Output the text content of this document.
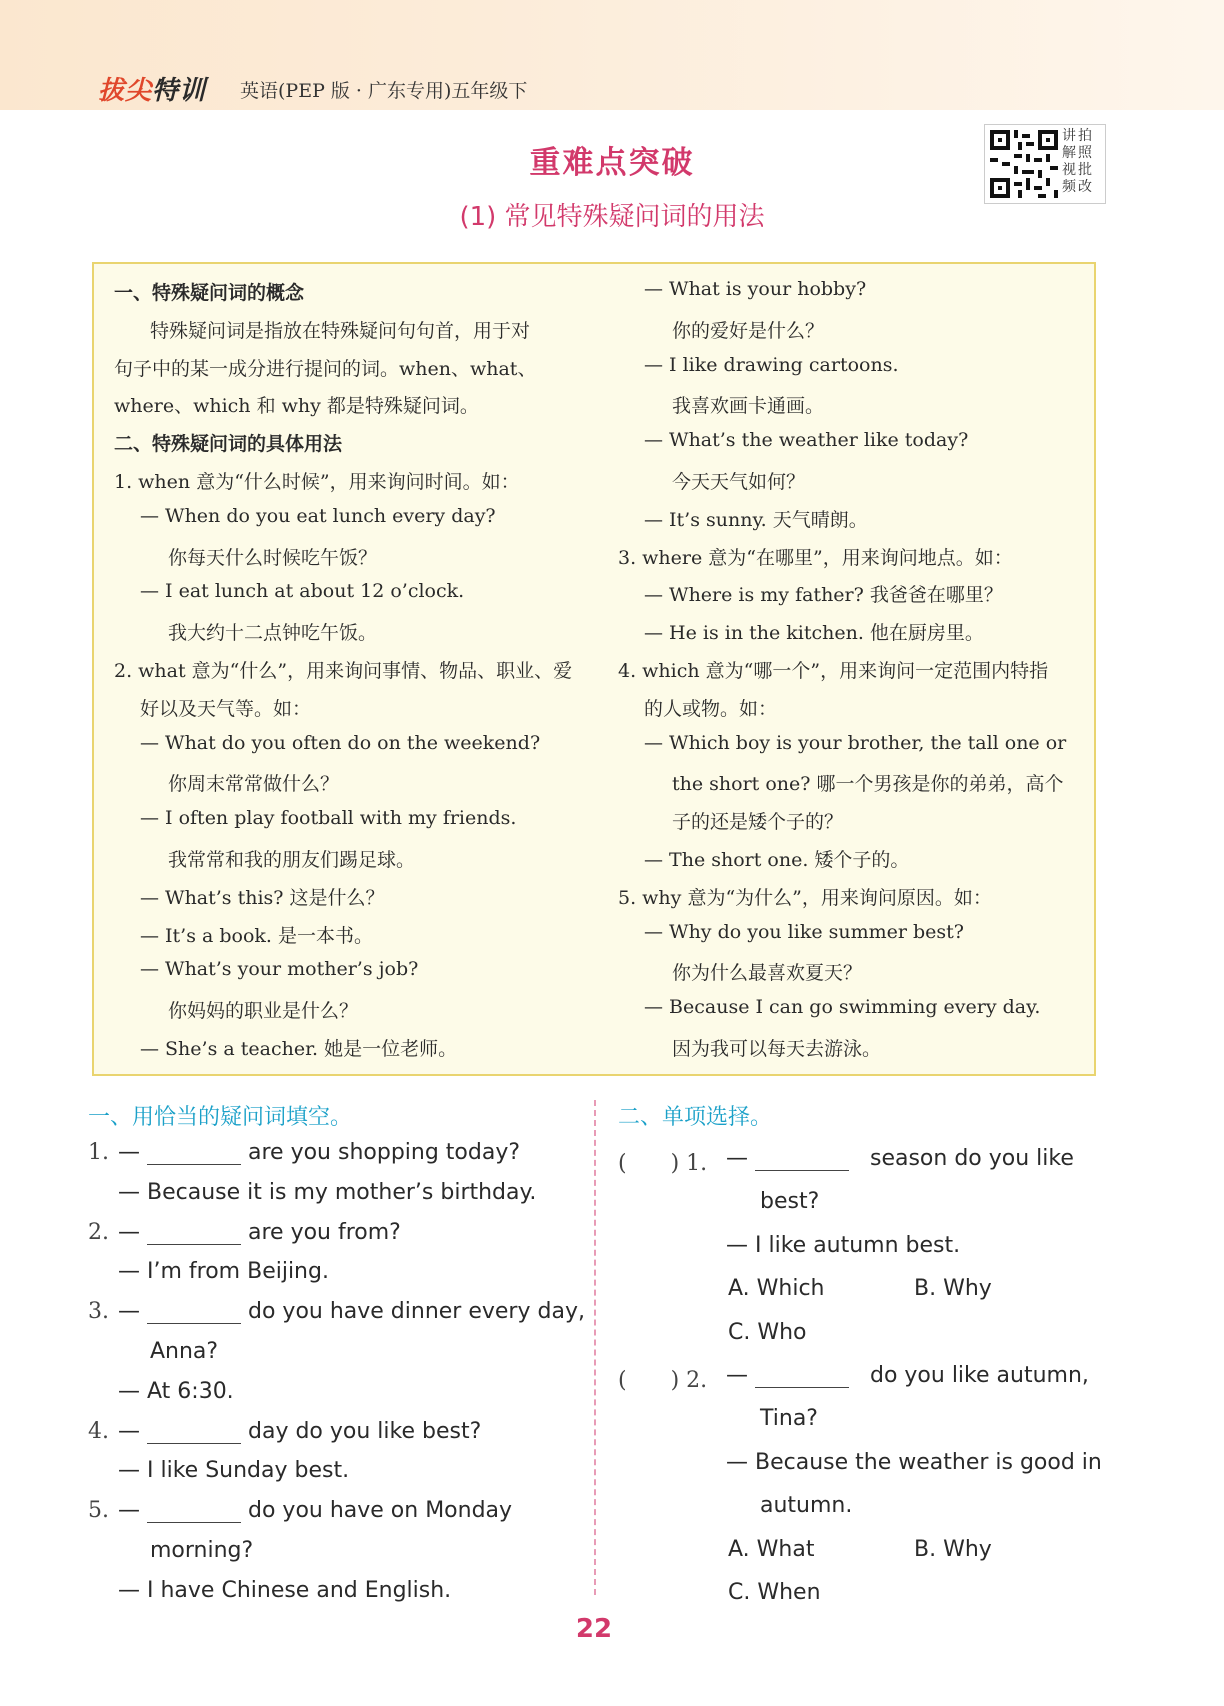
拔尖特训 英语(PEP 版 · 广东专用)五年级下
重难点突破
(1) 常见特殊疑问词的用法
讲拍解照视批频改
一、特殊疑问词的概念
特殊疑问词是指放在特殊疑问句句首，用于对
句子中的某一成分进行提问的词。when、what、
where、which 和 why 都是特殊疑问词。
二、特殊疑问词的具体用法
1. when 意为“什么时候”，用来询问时间。如：
— When do you eat lunch every day?
你每天什么时候吃午饭？
— I eat lunch at about 12 o’clock.
我大约十二点钟吃午饭。
2. what 意为“什么”，用来询问事情、物品、职业、爱
好以及天气等。如：
— What do you often do on the weekend?
你周末常常做什么？
— I often play football with my friends.
我常常和我的朋友们踢足球。
— What’s this? 这是什么？
— It’s a book. 是一本书。
— What’s your mother’s job?
你妈妈的职业是什么？
— She’s a teacher. 她是一位老师。
— What is your hobby?
你的爱好是什么？
— I like drawing cartoons.
我喜欢画卡通画。
— What’s the weather like today?
今天天气如何？
— It’s sunny. 天气晴朗。
3. where 意为“在哪里”，用来询问地点。如：
— Where is my father? 我爸爸在哪里？
— He is in the kitchen. 他在厨房里。
4. which 意为“哪一个”，用来询问一定范围内特指
的人或物。如：
— Which boy is your brother, the tall one or
the short one? 哪一个男孩是你的弟弟，高个
子的还是矮个子的？
— The short one. 矮个子的。
5. why 意为“为什么”，用来询问原因。如：
— Why do you like summer best?
你为什么最喜欢夏天？
— Because I can go swimming every day.
因为我可以每天去游泳。
一、用恰当的疑问词填空。
1. —	are you shopping today?
— Because it is my mother’s birthday.
2. —	are you from?
— I’m from Beijing.
3. —	do you have dinner every day,
Anna?
— At 6:30.
4. —	day do you like best?
— I like Sunday best.
5. —	do you have on Monday
morning?
— I have Chinese and English.
二、单项选择。
(　　) 1. —	season do you like
best?
— I like autumn best.
A. Which	B. Why
C. Who
(　　) 2. —	do you like autumn,
Tina?
— Because the weather is good in
autumn.
A. What	B. Why
C. When
22
